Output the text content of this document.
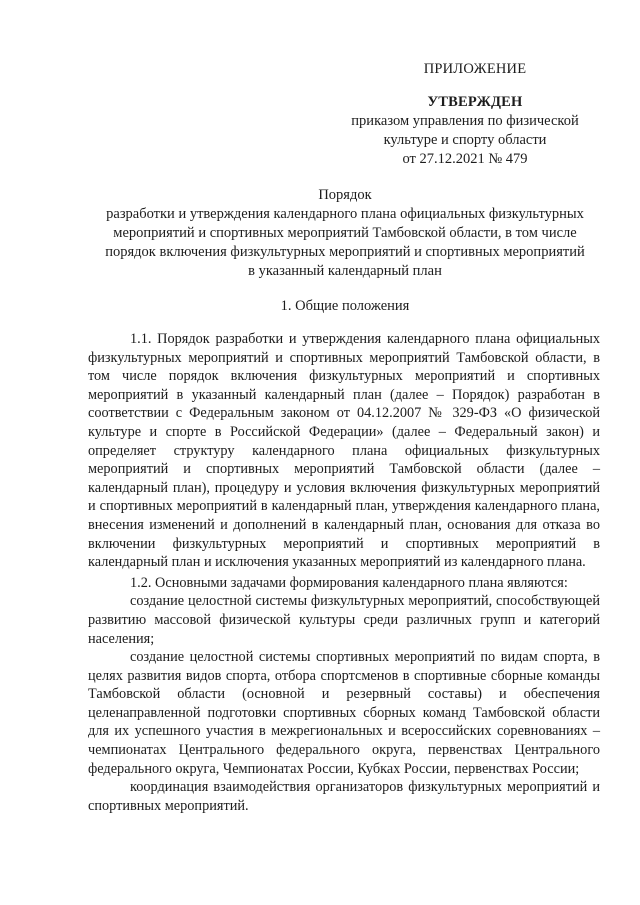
ПРИЛОЖЕНИЕ
УТВЕРЖДЕН
приказом управления по физической
культуре и спорту области
от 27.12.2021 № 479
Порядок
разработки и утверждения календарного плана официальных физкультурных
мероприятий и спортивных мероприятий Тамбовской области, в том числе
порядок включения физкультурных мероприятий и спортивных мероприятий
в указанный календарный план
1. Общие положения

1.1. Порядок разработки и утверждения календарного плана официальных физкультурных мероприятий и спортивных мероприятий Тамбовской области, в том числе порядок включения физкультурных мероприятий и спортивных мероприятий в указанный календарный план (далее – Порядок) разработан в соответствии с Федеральным законом от 04.12.2007 № 329-ФЗ «О физической культуре и спорте в Российской Федерации» (далее – Федеральный закон) и определяет структуру календарного плана официальных физкультурных мероприятий и спортивных мероприятий Тамбовской области (далее – календарный план), процедуру и условия включения физкультурных мероприятий и спортивных мероприятий в календарный план, утверждения календарного плана, внесения изменений и дополнений в календарный план, основания для отказа во включении физкультурных мероприятий и спортивных мероприятий в календарный план и исключения указанных мероприятий из календарного плана.

1.2. Основными задачами формирования календарного плана являются:

создание целостной системы физкультурных мероприятий, способствующей развитию массовой физической культуры среди различных групп и категорий населения;

создание целостной системы спортивных мероприятий по видам спорта, в целях развития видов спорта, отбора спортсменов в спортивные сборные команды Тамбовской области (основной и резервный составы) и обеспечения целенаправленной подготовки спортивных сборных команд Тамбовской области для их успешного участия в межрегиональных и всероссийских соревнованиях – чемпионатах Центрального федерального округа, первенствах Центрального федерального округа, Чемпионатах России, Кубках России, первенствах России;

координация взаимодействия организаторов физкультурных мероприятий и спортивных мероприятий.
